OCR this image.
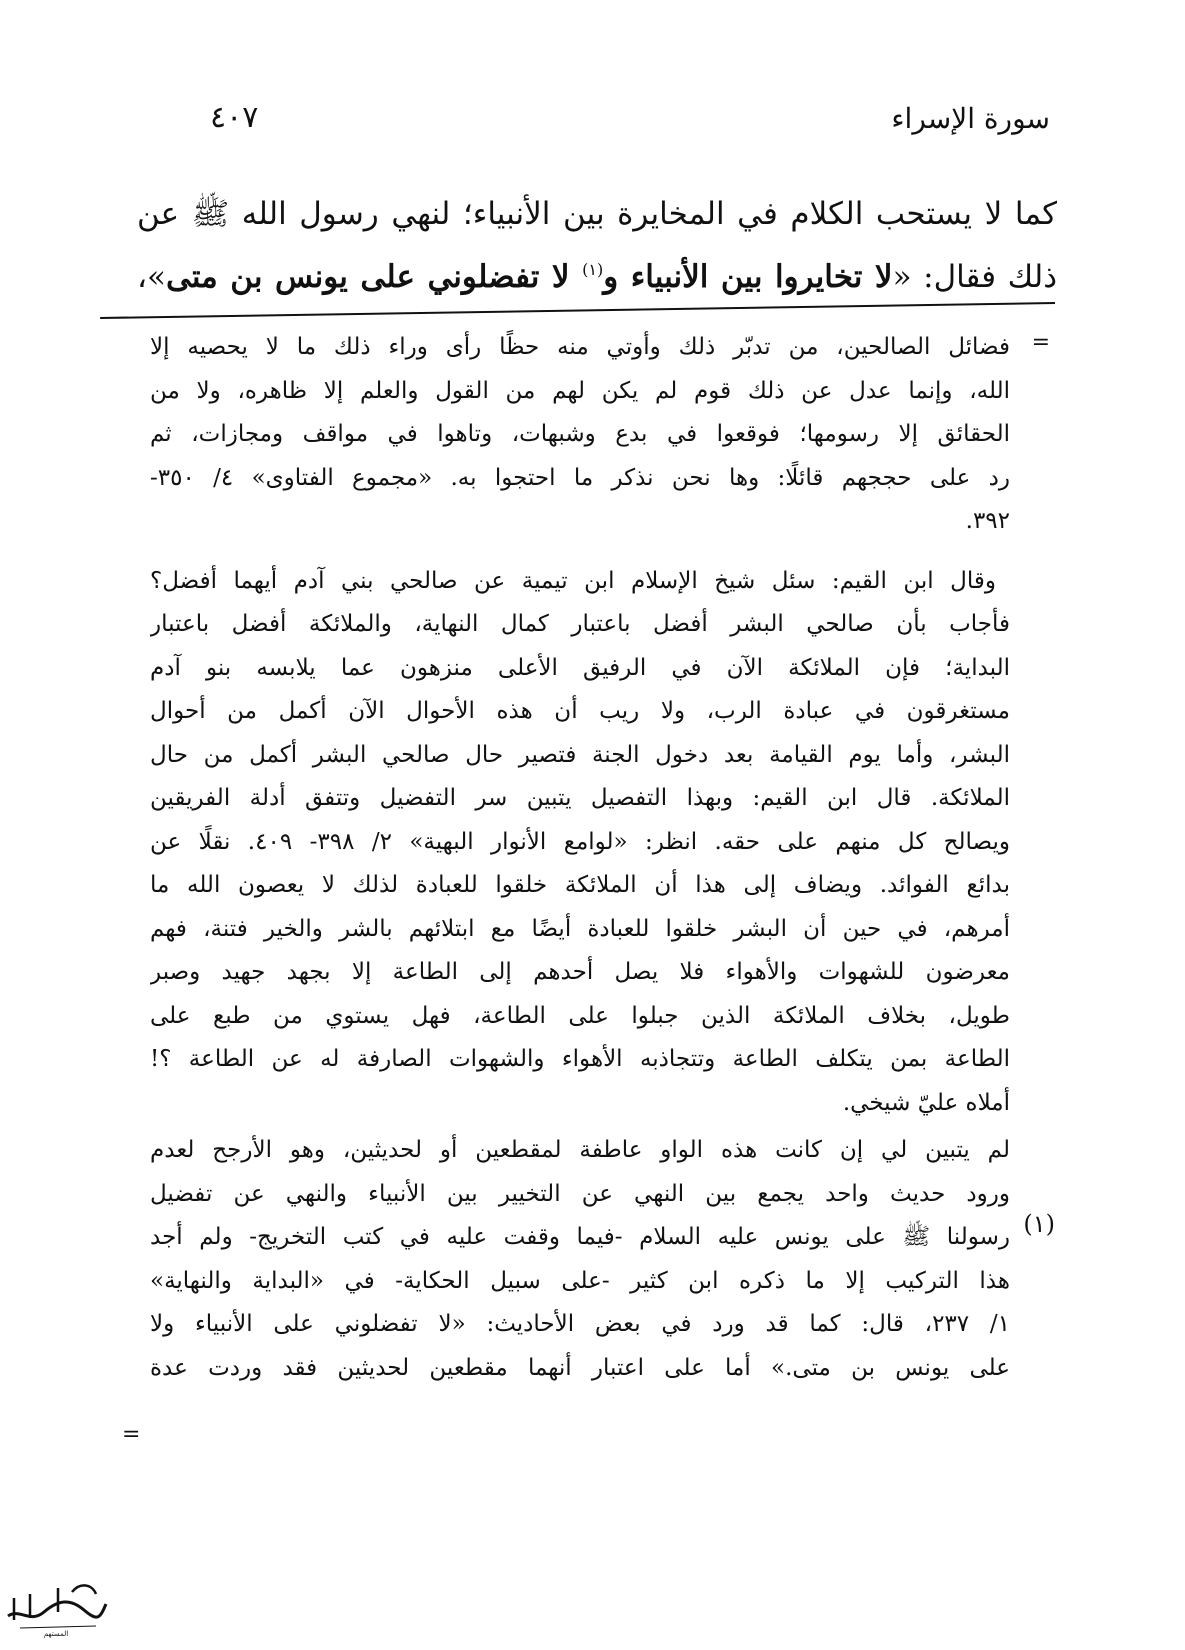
سورة الإسراء
٤٠٧
كما لا يستحب الكلام في المخايرة بين الأنبياء؛ لنهي رسول الله ﷺ عن
ذلك فقال: «لا تخايروا بين الأنبياء و$^{(١)}$ لا تفضلوني على يونس بن متى»،
=
فضائل الصالحين، من تدبّر ذلك وأوتي منه حظًا رأى وراء ذلك ما لا يحصيه إلا
الله، وإنما عدل عن ذلك قوم لم يكن لهم من القول والعلم إلا ظاهره، ولا من
الحقائق إلا رسومها؛ فوقعوا في بدع وشبهات، وتاهوا في مواقف ومجازات، ثم
رد على حججهم قائلًا: وها نحن نذكر ما احتجوا به. «مجموع الفتاوى» ٤/ ٣٥٠-
٣٩٢.
وقال ابن القيم: سئل شيخ الإسلام ابن تيمية عن صالحي بني آدم أيهما أفضل؟
فأجاب بأن صالحي البشر أفضل باعتبار كمال النهاية، والملائكة أفضل باعتبار
البداية؛ فإن الملائكة الآن في الرفيق الأعلى منزهون عما يلابسه بنو آدم
مستغرقون في عبادة الرب، ولا ريب أن هذه الأحوال الآن أكمل من أحوال
البشر، وأما يوم القيامة بعد دخول الجنة فتصير حال صالحي البشر أكمل من حال
الملائكة. قال ابن القيم: وبهذا التفصيل يتبين سر التفضيل وتتفق أدلة الفريقين
ويصالح كل منهم على حقه. انظر: «لوامع الأنوار البهية» ٢/ ٣٩٨- ٤٠٩. نقلًا عن
بدائع الفوائد. ويضاف إلى هذا أن الملائكة خلقوا للعبادة لذلك لا يعصون الله ما
أمرهم، في حين أن البشر خلقوا للعبادة أيضًا مع ابتلائهم بالشر والخير فتنة، فهم
معرضون للشهوات والأهواء فلا يصل أحدهم إلى الطاعة إلا بجهد جهيد وصبر
طويل، بخلاف الملائكة الذين جبلوا على الطاعة، فهل يستوي من طبع على
الطاعة بمن يتكلف الطاعة وتتجاذبه الأهواء والشهوات الصارفة له عن الطاعة ؟!
أملاه عليّ شيخي.
لم يتبين لي إن كانت هذه الواو عاطفة لمقطعين أو لحديثين، وهو الأرجح لعدم
ورود حديث واحد يجمع بين النهي عن التخيير بين الأنبياء والنهي عن تفضيل
رسولنا ﷺ على يونس عليه السلام -فيما وقفت عليه في كتب التخريج- ولم أجد
هذا التركيب إلا ما ذكره ابن كثير -على سبيل الحكاية- في «البداية والنهاية»
١/ ٢٣٧، قال: كما قد ورد في بعض الأحاديث: «لا تفضلوني على الأنبياء ولا
على يونس بن متى.» أما على اعتبار أنهما مقطعين لحديثين فقد وردت عدة
(١)
=
المستهم
